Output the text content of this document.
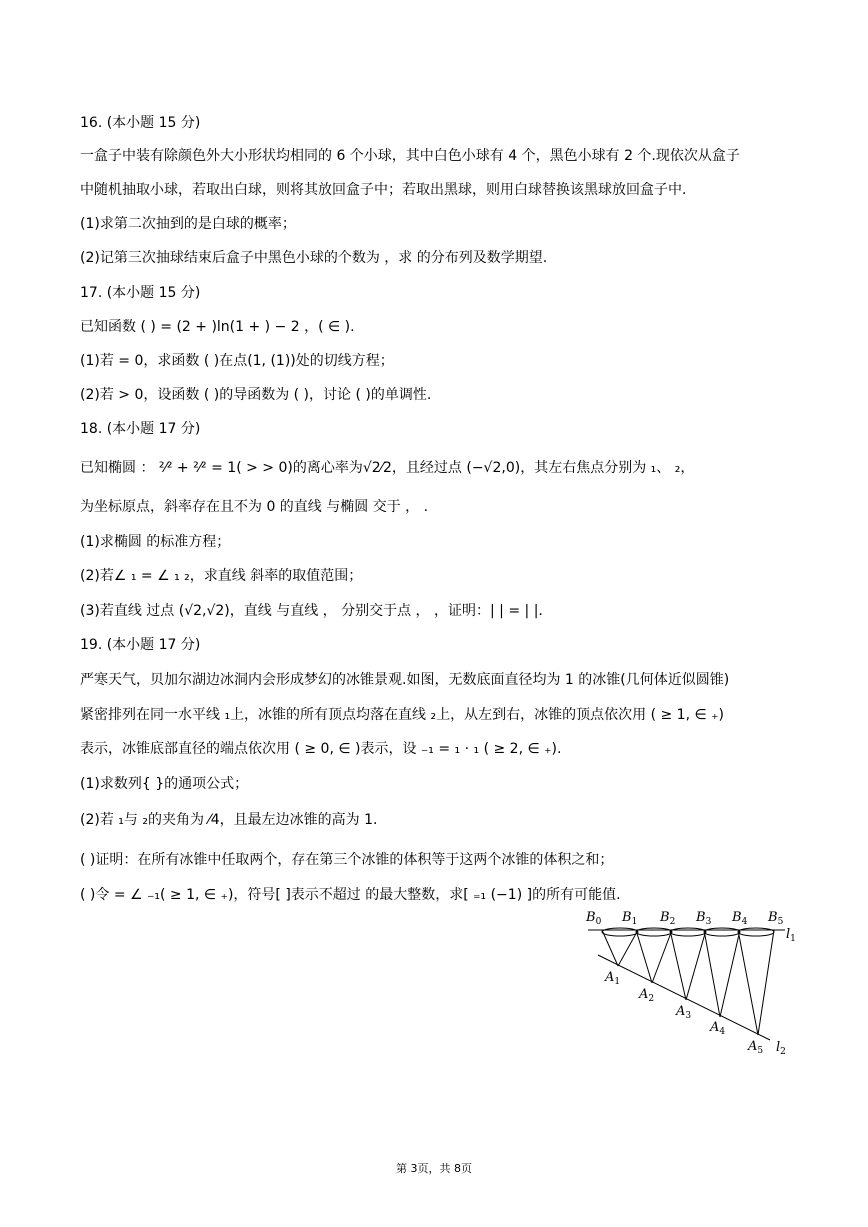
16. (本小题 15 分)
一盒子中装有除颜色外大小形状均相同的 6 个小球，其中白色小球有 4 个，黑色小球有 2 个.现依次从盒子
中随机抽取小球，若取出白球，则将其放回盒子中；若取出黑球，则用白球替换该黑球放回盒子中.
(1)求第二次抽到的是白球的概率；
(2)记第三次抽球结束后盒子中黑色小球的个数为 ，求 的分布列及数学期望.
17. (本小题 15 分)
已知函数 ( ) = (2 + )ln(1 + ) − 2 ，( ∈ ).
(1)若 = 0，求函数 ( )在点(1, (1))处的切线方程；
(2)若 > 0，设函数 ( )的导函数为 ( )，讨论 ( )的单调性.
18. (本小题 17 分)
已知椭圆 ： ²⁄² + ²⁄² = 1( > > 0)的离心率为√2⁄2，且经过点 (−√2,0)，其左右焦点分别为 ₁、 ₂，
为坐标原点，斜率存在且不为 0 的直线 与椭圆 交于 ， .
(1)求椭圆 的标准方程；
(2)若∠ ₁ = ∠ ₁ ₂，求直线 斜率的取值范围；
(3)若直线 过点 (√2,√2)，直线 与直线 ， 分别交于点 ， ，证明：| | = | |.
19. (本小题 17 分)
严寒天气，贝加尔湖边冰洞内会形成梦幻的冰锥景观.如图，无数底面直径均为 1 的冰锥(几何体近似圆锥)
紧密排列在同一水平线 ₁上，冰锥的所有顶点均落在直线 ₂上，从左到右，冰锥的顶点依次用 ( ≥ 1, ∈ ₊)
表示，冰锥底部直径的端点依次用 ( ≥ 0, ∈ )表示，设 ₋₁ = ₁ · ₁ ( ≥ 2, ∈ ₊).
(1)求数列{ }的通项公式；
(2)若 ₁与 ₂的夹角为 ⁄4，且最左边冰锥的高为 1.
( )证明：在所有冰锥中任取两个，存在第三个冰锥的体积等于这两个冰锥的体积之和；
( )令 = ∠ ₋₁( ≥ 1, ∈ ₊)，符号[ ]表示不超过 的最大整数，求[ ₌₁ (−1) ]的所有可能值.
$B_0$ $B_1$ $B_2$ $B_3$ $B_4$ $B_5$
$A_1$
$A_2$
$A_3$
$A_4$
$A_5$
$l_1$
$l_2$
第 3页，共 8页
